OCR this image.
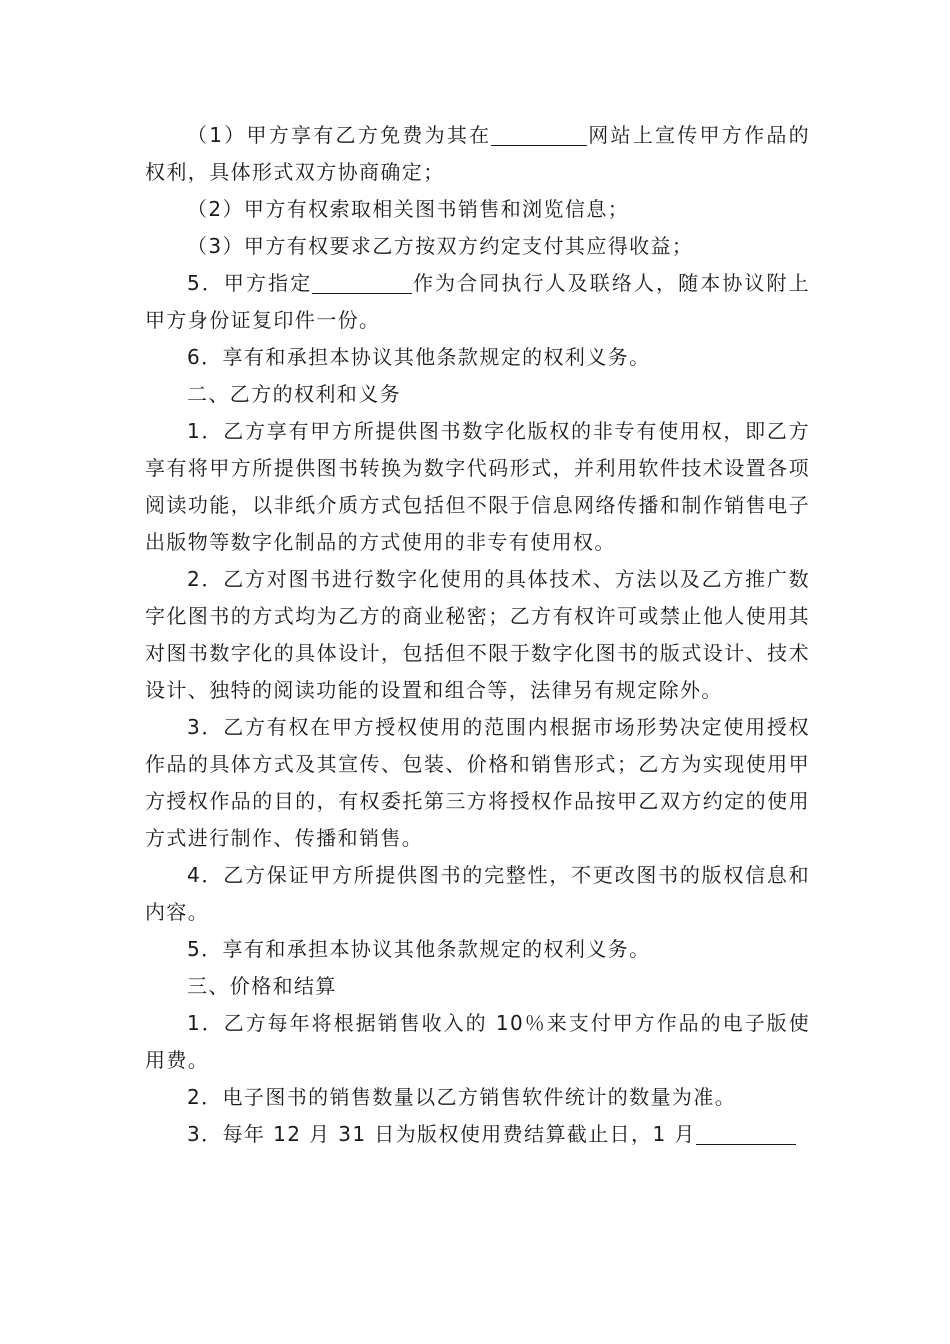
（1）甲方享有乙方免费为其在	网站上宣传甲方作品的权利，具体形式双方协商确定；

（2）甲方有权索取相关图书销售和浏览信息；

（3）甲方有权要求乙方按双方约定支付其应得收益；

5．甲方指定	作为合同执行人及联络人，随本协议附上甲方身份证复印件一份。

6．享有和承担本协议其他条款规定的权利义务。

二、乙方的权利和义务

1．乙方享有甲方所提供图书数字化版权的非专有使用权，即乙方享有将甲方所提供图书转换为数字代码形式，并利用软件技术设置各项阅读功能，以非纸介质方式包括但不限于信息网络传播和制作销售电子出版物等数字化制品的方式使用的非专有使用权。

2．乙方对图书进行数字化使用的具体技术、方法以及乙方推广数字化图书的方式均为乙方的商业秘密；乙方有权许可或禁止他人使用其对图书数字化的具体设计，包括但不限于数字化图书的版式设计、技术设计、独特的阅读功能的设置和组合等，法律另有规定除外。

3．乙方有权在甲方授权使用的范围内根据市场形势决定使用授权作品的具体方式及其宣传、包装、价格和销售形式；乙方为实现使用甲方授权作品的目的，有权委托第三方将授权作品按甲乙双方约定的使用方式进行制作、传播和销售。

4．乙方保证甲方所提供图书的完整性，不更改图书的版权信息和内容。

5．享有和承担本协议其他条款规定的权利义务。

三、价格和结算

1．乙方每年将根据销售收入的 10％来支付甲方作品的电子版使用费。

2．电子图书的销售数量以乙方销售软件统计的数量为准。

3．每年 12 月 31 日为版权使用费结算截止日，1 月
